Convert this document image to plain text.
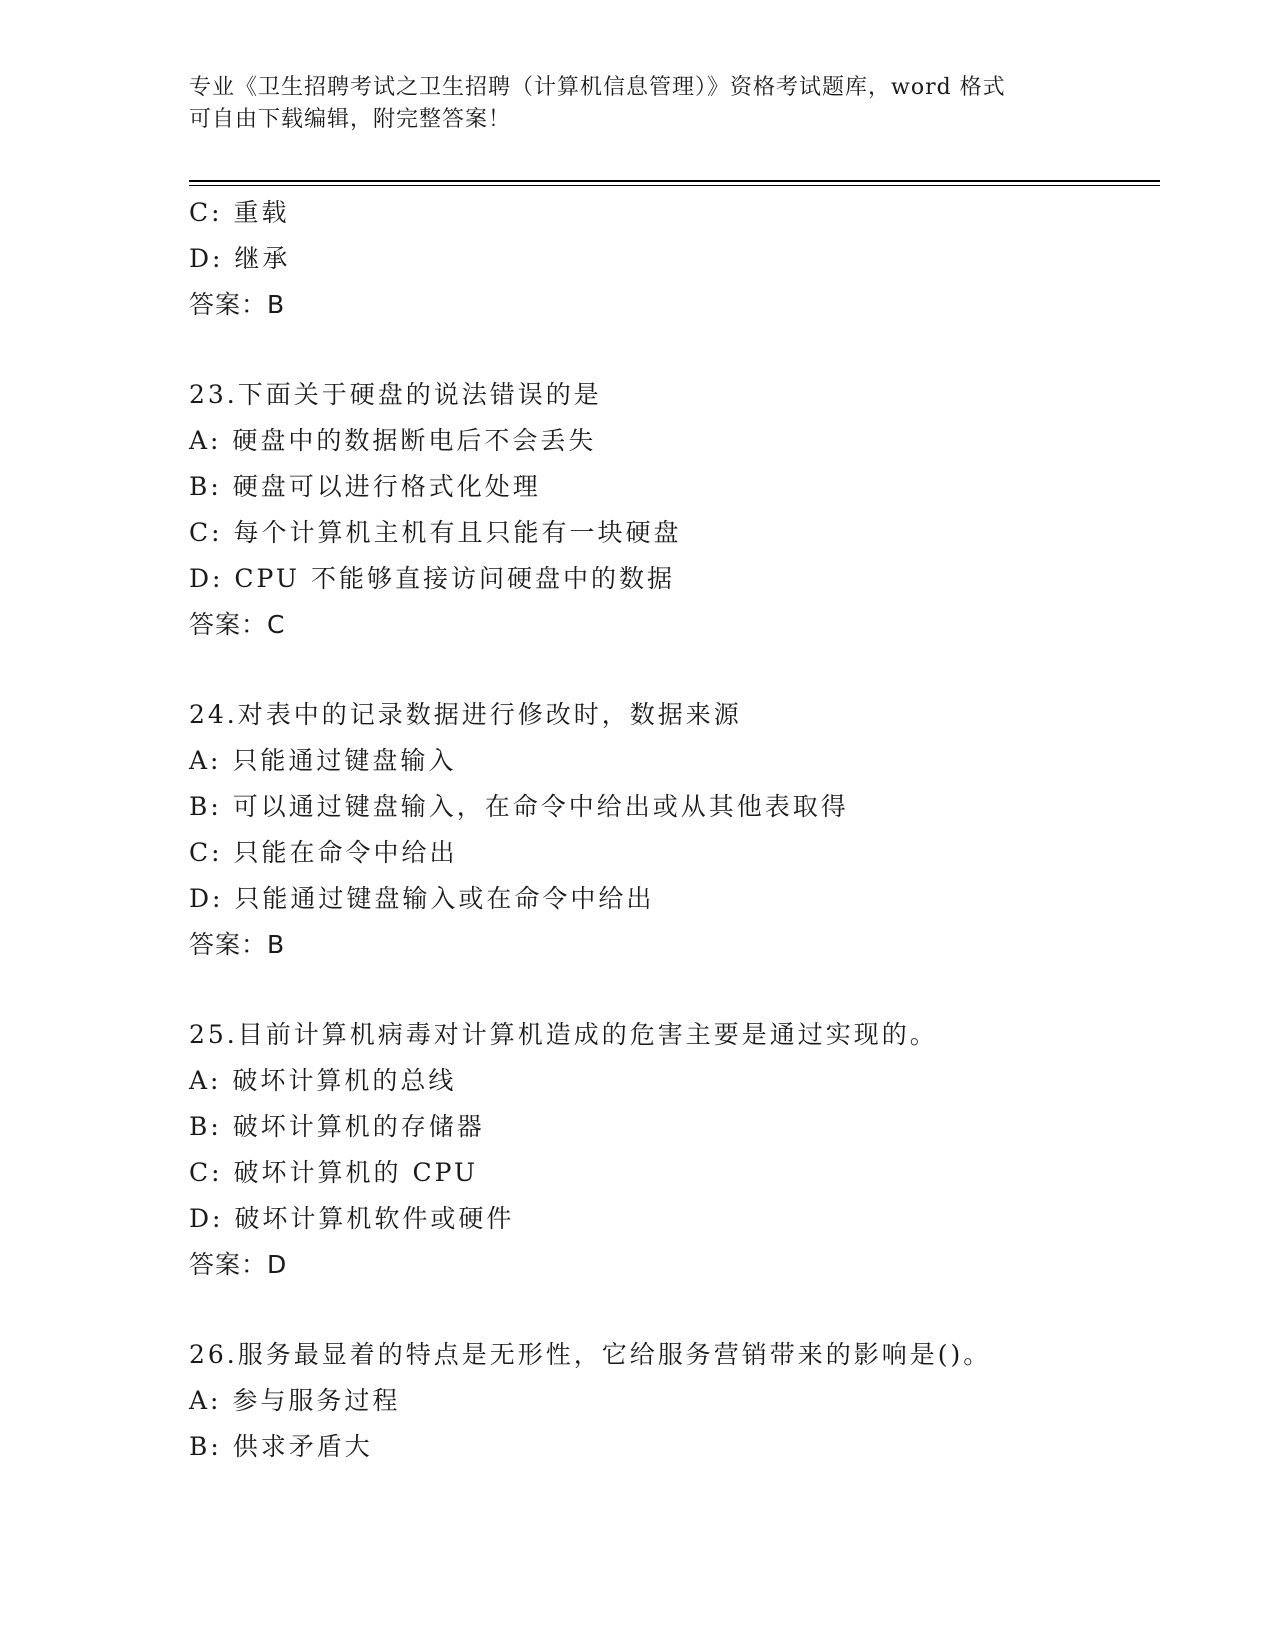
专业《卫生招聘考试之卫生招聘（计算机信息管理）》资格考试题库，word 格式
可自由下载编辑，附完整答案！
C: 重载
D: 继承
答案：B
23.下面关于硬盘的说法错误的是
A: 硬盘中的数据断电后不会丢失
B: 硬盘可以进行格式化处理
C: 每个计算机主机有且只能有一块硬盘
D: CPU 不能够直接访问硬盘中的数据
答案：C
24.对表中的记录数据进行修改时，数据来源
A: 只能通过键盘输入
B: 可以通过键盘输入，在命令中给出或从其他表取得
C: 只能在命令中给出
D: 只能通过键盘输入或在命令中给出
答案：B
25.目前计算机病毒对计算机造成的危害主要是通过实现的。
A: 破坏计算机的总线
B: 破坏计算机的存储器
C: 破坏计算机的 CPU
D: 破坏计算机软件或硬件
答案：D
26.服务最显着的特点是无形性，它给服务营销带来的影响是()。
A: 参与服务过程
B: 供求矛盾大
